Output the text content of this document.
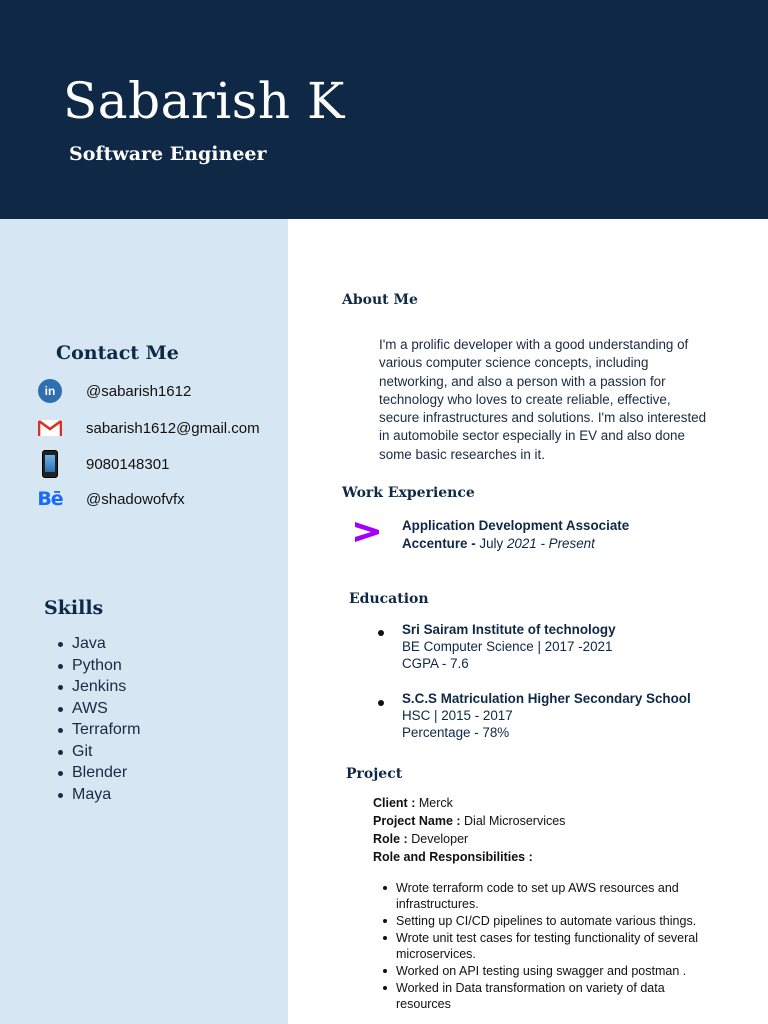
Sabarish K
Software Engineer
Contact Me
in	@sabarish1612
sabarish1612@gmail.com
9080148301
Bē @shadowofvfx
Skills
Java
Python
Jenkins
AWS
Terraform
Git
Blender
Maya
About Me
I'm a prolific developer with a good understanding of various computer science concepts, including networking, and also a person with a passion for technology who loves to create reliable, effective, secure infrastructures and solutions. I'm also interested in automobile sector especially in EV and also done some basic researches in it.
Work Experience
Application Development Associate
Accenture - July 2021 - Present
Education
Sri Sairam Institute of technology
BE Computer Science | 2017 -2021
CGPA - 7.6
S.C.S Matriculation Higher Secondary School
HSC | 2015 - 2017
Percentage - 78%
Project
Client : Merck
Project Name : Dial Microservices
Role : Developer
Role and Responsibilities :
Wrote terraform code to set up AWS resources and infrastructures.
Setting up CI/CD pipelines to automate various things.
Wrote unit test cases for testing functionality of several microservices.
Worked on API testing using swagger and postman .
Worked in Data transformation on variety of data resources
